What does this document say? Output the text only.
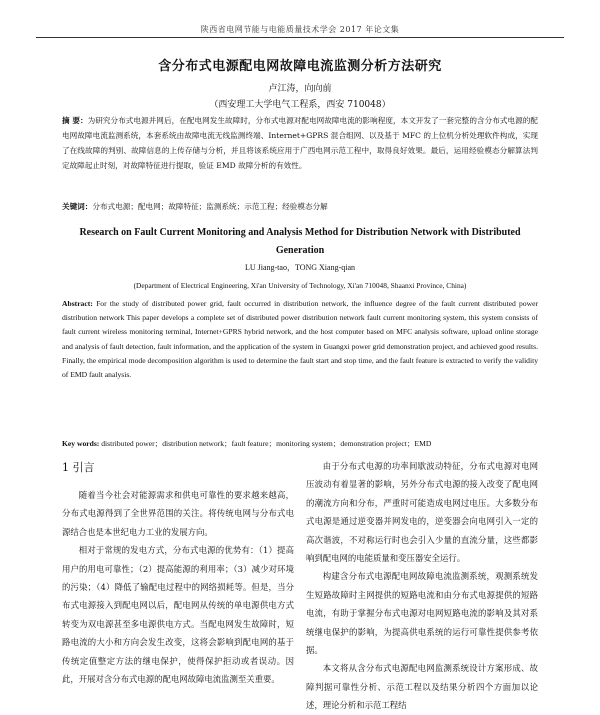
陕西省电网节能与电能质量技术学会 2017 年论文集
含分布式电源配电网故障电流监测分析方法研究
卢江涛，向向前
（西安理工大学电气工程系，西安 710048）
摘 要：为研究分布式电源并网后，在配电网发生故障时，分布式电源对配电网故障电流的影响程度，本文开发了一套完整的含分布式电源的配电网故障电流监测系统，本套系统由故障电流无线监测终端、Internet+GPRS 混合组网、以及基于 MFC 的上位机分析处理软件构成，实现了在线故障的判别、故障信息的上传存储与分析，并且将该系统应用于广西电网示范工程中，取得良好效果。最后，运用经验模态分解算法判定故障起止时刻，对故障特征进行提取，验证 EMD 故障分析的有效性。
关键词：分布式电源；配电网；故障特征；监测系统；示范工程；经验模态分解
Research on Fault Current Monitoring and Analysis Method for Distribution Network with Distributed Generation
LU Jiang-tao，TONG Xiang-qian
(Department of Electrical Engineering, Xi'an University of Technology, Xi'an 710048, Shaanxi Province, China)
Abstract: For the study of distributed power grid, fault occurred in distribution network, the influence degree of the fault current distributed power distribution network This paper develops a complete set of distributed power distribution network fault current monitoring system, this system consists of fault current wireless monitoring terminal, Internet+GPRS hybrid network, and the host computer based on MFC analysis software, upload online storage and analysis of fault detection, fault information, and the application of the system in Guangxi power grid demonstration project, and achieved good results. Finally, the empirical mode decomposition algorithm is used to determine the fault start and stop time, and the fault feature is extracted to verify the validity of EMD fault analysis.
Key words: distributed power；distribution network；fault feature；monitoring system；demonstration project；EMD
1 引言

随着当今社会对能源需求和供电可靠性的要求越来越高，分布式电源得到了全世界范围的关注。将传统电网与分布式电源结合也是本世纪电力工业的发展方向。

相对于常规的发电方式，分布式电源的优势有：（1）提高用户的用电可靠性；（2）提高能源的利用率；（3）减少对环境的污染；（4）降低了输配电过程中的网络损耗等。但是，当分布式电源接入到配电网以后，配电网从传统的单电源供电方式转变为双电源甚至多电源供电方式。当配电网发生故障时，短路电流的大小和方向会发生改变，这将会影响到配电网的基于传统定值整定方法的继电保护，使得保护拒动或者误动。因此，开展对含分布式电源的配电网故障电流监测至关重要。

由于分布式电源的功率间歇波动特征，分布式电源对电网压波动有着显著的影响，另外分布式电源的接入改变了配电网的潮流方向和分布，严重时可能造成电网过电压。大多数分布式电源是通过逆变器并网发电的，逆变器会向电网引入一定的高次谐波，不对称运行时也会引入少量的直流分量，这些都影响到配电网的电能质量和变压器安全运行。

构建含分布式电源配电网故障电流监测系统，观测系统发生短路故障时主网提供的短路电流和由分布式电源提供的短路电流，有助于掌握分布式电源对电网短路电流的影响及其对系统继电保护的影响，为提高供电系统的运行可靠性提供参考依据。

本文将从含分布式电源配电网监测系统设计方案形成、故障判据可靠性分析、示范工程以及结果分析四个方面加以论述，理论分析和示范工程结
